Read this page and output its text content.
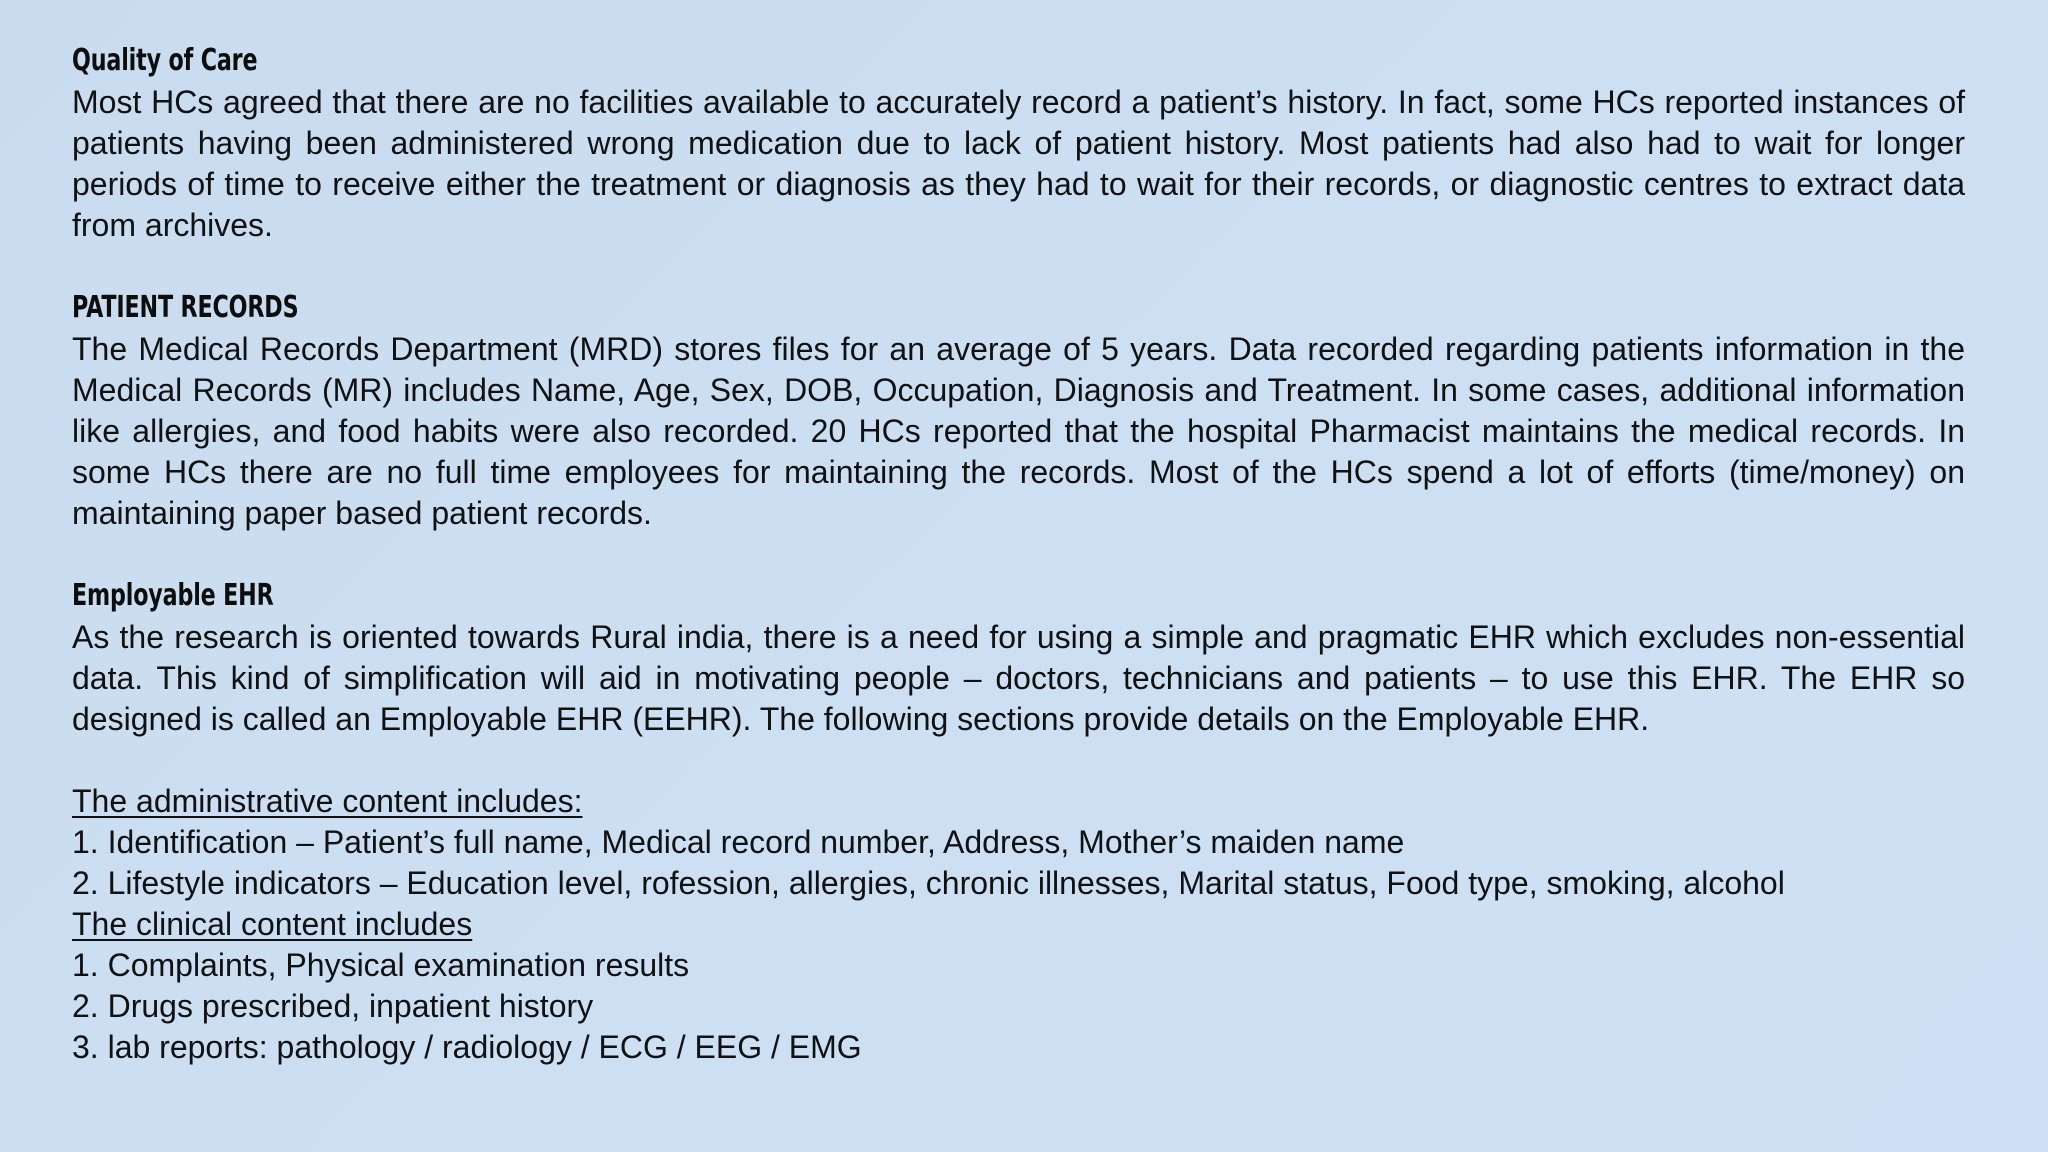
Quality of Care

Most HCs agreed that there are no facilities available to accurately record a patient’s history. In fact, some HCs reported instances of patients having been administered wrong medication due to lack of patient history. Most patients had also had to wait for longer periods of time to receive either the treatment or diagnosis as they had to wait for their records, or diagnostic centres to extract data from archives.

PATIENT RECORDS

The Medical Records Department (MRD) stores files for an average of 5 years. Data recorded regarding patients information in the Medical Records (MR) includes Name, Age, Sex, DOB, Occupation, Diagnosis and Treatment. In some cases, additional information like allergies, and food habits were also recorded. 20 HCs reported that the hospital Pharmacist maintains the medical records. In some HCs there are no full time employees for maintaining the records. Most of the HCs spend a lot of efforts (time/money) on maintaining paper based patient records.

Employable EHR

As the research is oriented towards Rural india, there is a need for using a simple and pragmatic EHR which excludes non-essential data. This kind of simplification will aid in motivating people – doctors, technicians and patients – to use this EHR. The EHR so designed is called an Employable EHR (EEHR). The following sections provide details on the Employable EHR.

The administrative content includes:
1. Identification – Patient’s full name, Medical record number, Address, Mother’s maiden name
2. Lifestyle indicators – Education level, rofession, allergies, chronic illnesses, Marital status, Food type, smoking, alcohol
The clinical content includes
1. Complaints, Physical examination results
2. Drugs prescribed, inpatient history
3. lab reports: pathology / radiology / ECG / EEG / EMG
